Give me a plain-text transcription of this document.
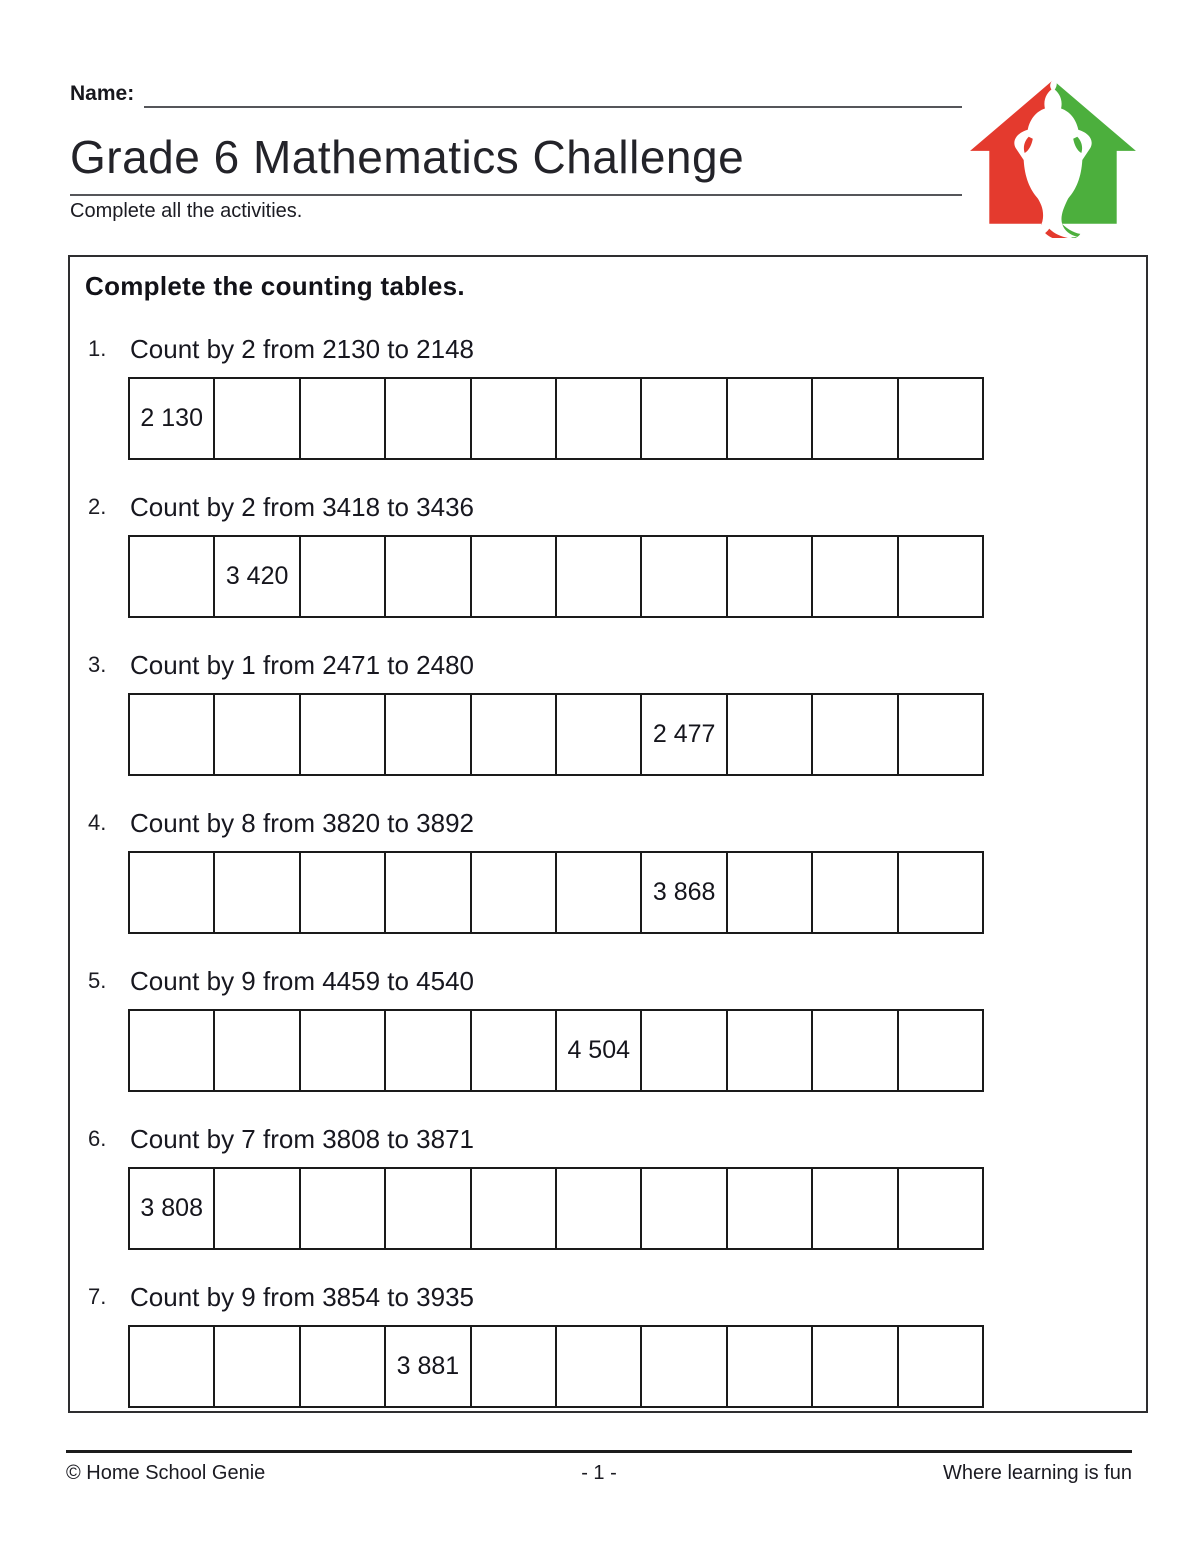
Name:
Grade 6 Mathematics Challenge
Complete all the activities.
Complete the counting tables.
1. Count by 2 from 2130 to 2148
2 130
2. Count by 2 from 3418 to 3436
3 420
3. Count by 1 from 2471 to 2480
2 477
4. Count by 8 from 3820 to 3892
3 868
5. Count by 9 from 4459 to 4540
4 504
6. Count by 7 from 3808 to 3871
3 808
7. Count by 9 from 3854 to 3935
3 881
© Home School Genie	- 1 -	Where learning is fun
